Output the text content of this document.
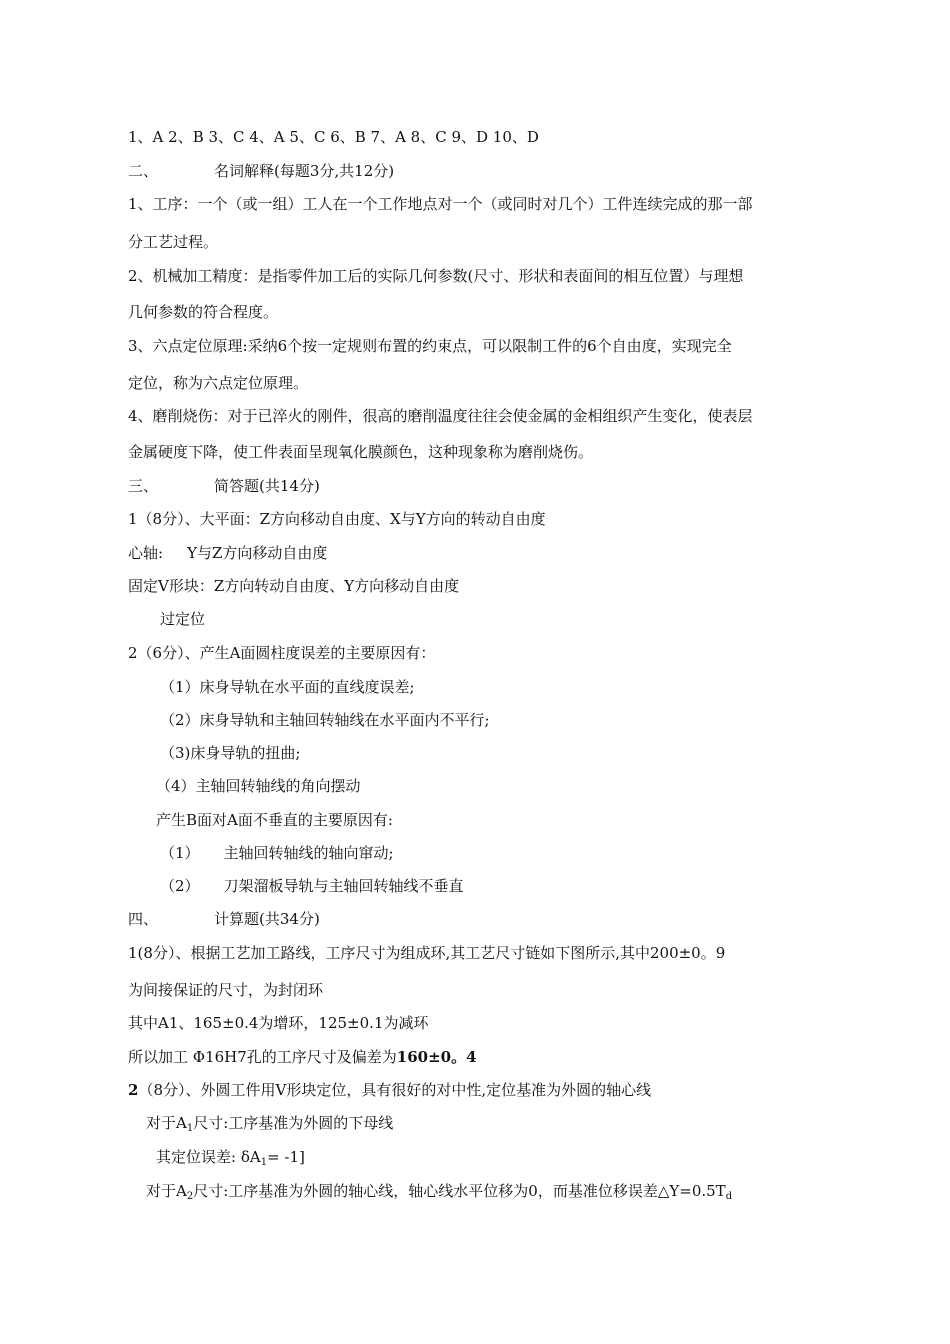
1、A 2、B 3、C 4、A 5、C 6、B 7、A 8、C 9、D 10、D
二、	名词解释(每题3分,共12分)
1、工序：一个（或一组）工人在一个工作地点对一个（或同时对几个）工件连续完成的那一部
分工艺过程。
2、机械加工精度：是指零件加工后的实际几何参数(尺寸、形状和表面间的相互位置）与理想
几何参数的符合程度。
3、六点定位原理:采纳6个按一定规则布置的约束点，可以限制工件的6个自由度，实现完全
定位，称为六点定位原理。
4、磨削烧伤：对于已淬火的刚件，很高的磨削温度往往会使金属的金相组织产生变化，使表层
金属硬度下降，使工件表面呈现氧化膜颜色，这种现象称为磨削烧伤。
三、	简答题(共14分)
1（8分）、大平面：Z方向移动自由度、X与Y方向的转动自由度
心轴: Y与Z方向移动自由度
固定V形块：Z方向转动自由度、Y方向移动自由度
过定位
2（6分）、产生A面圆柱度误差的主要原因有：
（1）床身导轨在水平面的直线度误差;
（2）床身导轨和主轴回转轴线在水平面内不平行;
（3)床身导轨的扭曲;
（4）主轴回转轴线的角向摆动
产生B面对A面不垂直的主要原因有:
（1） 主轴回转轴线的轴向窜动;
（2） 刀架溜板导轨与主轴回转轴线不垂直
四、	计算题(共34分)
1(8分）、根据工艺加工路线，工序尺寸为组成环,其工艺尺寸链如下图所示,其中200±0。9
为间接保证的尺寸，为封闭环
其中A1、165±0.4为增环，125±0.1为减环
所以加工 Φ16H7孔的工序尺寸及偏差为160±0。4
2（8分）、外圆工件用V形块定位，具有很好的对中性,定位基准为外圆的轴心线
对于$A_1$尺寸:工序基准为外圆的下母线
其定位误差: $\delta A_1= -1$]
对于$A_2$尺寸:工序基准为外圆的轴心线，轴心线水平位移为0，而基准位移误差$\triangle Y=0.5T_d$
